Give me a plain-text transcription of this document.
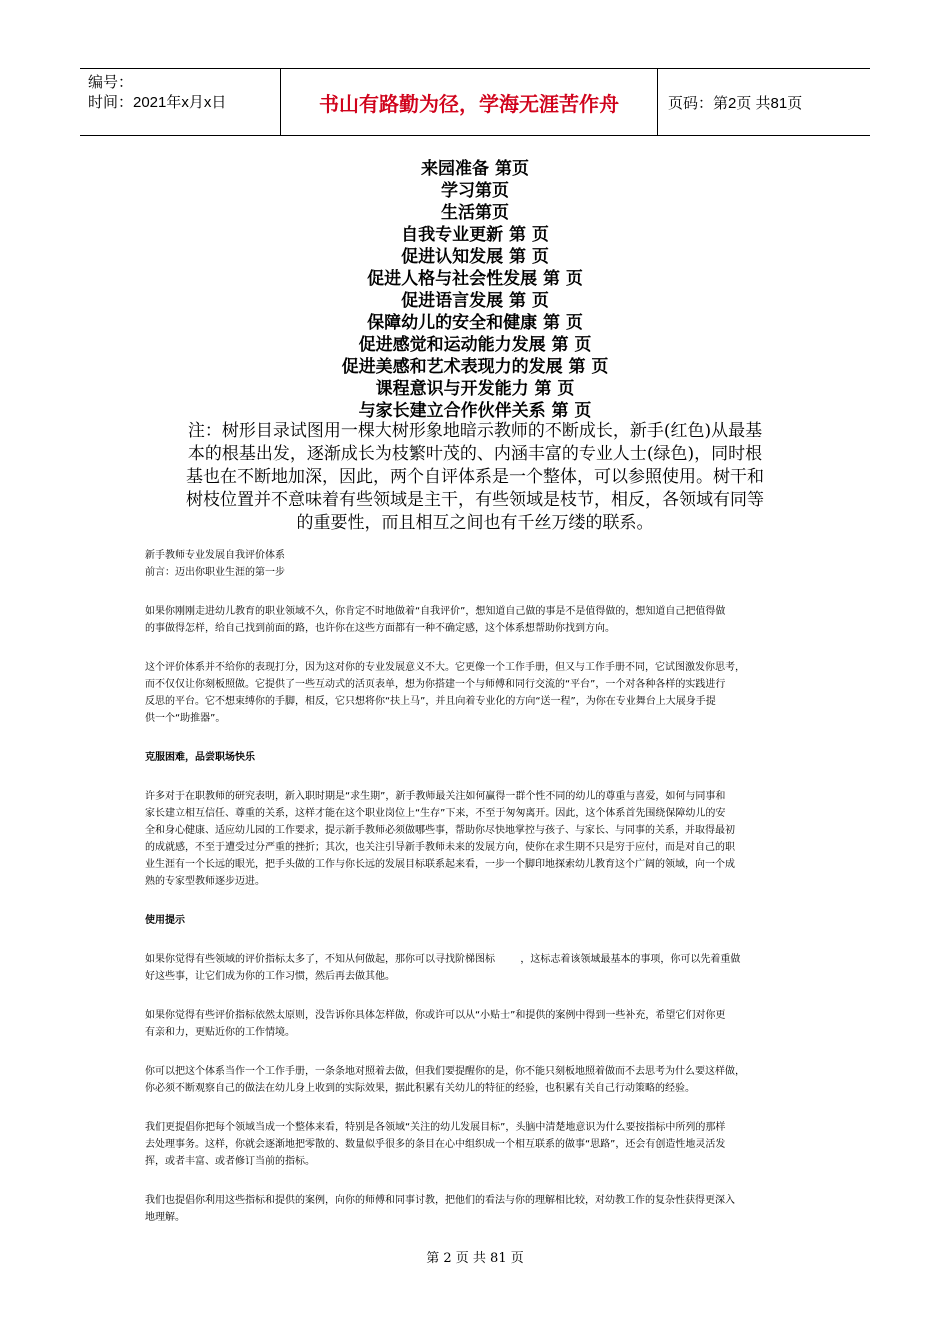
编号：
时间：2021年x月x日	书山有路勤为径，学海无涯苦作舟	页码：第2页 共81页
来园准备 第页
学习第页
生活第页
自我专业更新 第 页
促进认知发展 第 页
促进人格与社会性发展 第 页
促进语言发展 第 页
保障幼儿的安全和健康 第 页
促进感觉和运动能力发展 第 页
促进美感和艺术表现力的发展 第 页
课程意识与开发能力 第 页
与家长建立合作伙伴关系 第 页
注：树形目录试图用一棵大树形象地暗示教师的不断成长，新手(红色)从最基
本的根基出发，逐渐成长为枝繁叶茂的、内涵丰富的专业人士(绿色)，同时根
基也在不断地加深，因此，两个自评体系是一个整体，可以参照使用。树干和
树枝位置并不意味着有些领域是主干，有些领域是枝节，相反，各领域有同等
的重要性，而且相互之间也有千丝万缕的联系。
新手教师专业发展自我评价体系
前言：迈出你职业生涯的第一步
如果你刚刚走进幼儿教育的职业领域不久，你肯定不时地做着“自我评价”，想知道自己做的事是不是值得做的，想知道自己把值得做
的事做得怎样，给自己找到前面的路，也许你在这些方面都有一种不确定感，这个体系想帮助你找到方向。
这个评价体系并不给你的表现打分，因为这对你的专业发展意义不大。它更像一个工作手册，但又与工作手册不同，它试图激发你思考，
而不仅仅让你刻板照做。它提供了一些互动式的活页表单，想为你搭建一个与师傅和同行交流的“平台”，一个对各种各样的实践进行
反思的平台。它不想束缚你的手脚，相反，它只想将你“扶上马”，并且向着专业化的方向“送一程”，为你在专业舞台上大展身手提
供一个“助推器”。
克服困难，品尝职场快乐
许多对于在职教师的研究表明，新入职时期是“求生期”，新手教师最关注如何赢得一群个性不同的幼儿的尊重与喜爱，如何与同事和
家长建立相互信任、尊重的关系，这样才能在这个职业岗位上“生存”下来，不至于匆匆离开。因此，这个体系首先围绕保障幼儿的安
全和身心健康、适应幼儿园的工作要求，提示新手教师必须做哪些事，帮助你尽快地掌控与孩子、与家长、与同事的关系，并取得最初
的成就感，不至于遭受过分严重的挫折；其次，也关注引导新手教师未来的发展方向，使你在求生期不只是穷于应付，而是对自己的职
业生涯有一个长远的眼光，把手头做的工作与你长远的发展目标联系起来看，一步一个脚印地探索幼儿教育这个广阔的领域，向一个成
熟的专家型教师逐步迈进。
使用提示
如果你觉得有些领域的评价指标太多了，不知从何做起，那你可以寻找阶梯图标        ，这标志着该领域最基本的事项，你可以先着重做
好这些事，让它们成为你的工作习惯，然后再去做其他。
如果你觉得有些评价指标依然太原则，没告诉你具体怎样做，你或许可以从“小贴士”和提供的案例中得到一些补充，希望它们对你更
有亲和力，更贴近你的工作情境。
你可以把这个体系当作一个工作手册，一条条地对照着去做，但我们要提醒你的是，你不能只刻板地照着做而不去思考为什么要这样做，
你必须不断观察自己的做法在幼儿身上收到的实际效果，据此积累有关幼儿的特征的经验，也积累有关自己行动策略的经验。
我们更提倡你把每个领域当成一个整体来看，特别是各领域“关注的幼儿发展目标”，头脑中清楚地意识为什么要按指标中所列的那样
去处理事务。这样，你就会逐渐地把零散的、数量似乎很多的条目在心中组织成一个相互联系的做事“思路”，还会有创造性地灵活发
挥，或者丰富、或者修订当前的指标。
我们也提倡你利用这些指标和提供的案例，向你的师傅和同事讨教，把他们的看法与你的理解相比较，对幼教工作的复杂性获得更深入
地理解。
第 2 页 共 81 页
